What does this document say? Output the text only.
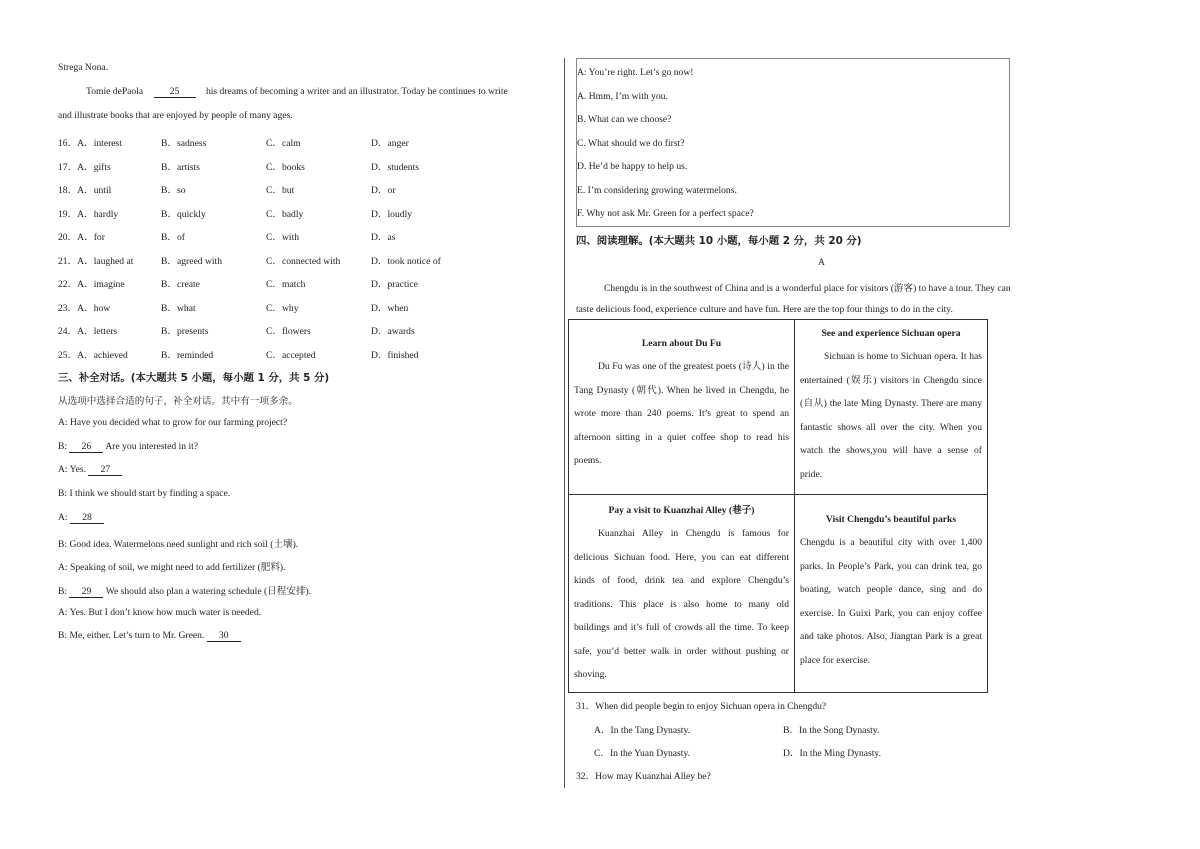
Strega Nona.
Tomie dePaola	25	his dreams of becoming a writer and an illustrator. Today he continues to write
and illustrate books that are enjoyed by people of many ages.
16．A．interest	B．sadness	C．calm	D．anger
17．A．gifts	B．artists	C．books	D．students
18．A．until	B．so	C．but	D．or
19．A．hardly	B．quickly	C．badly	D．loudly
20．A．for	B．of	C．with	D．as
21．A．laughed at	B．agreed with	C．connected with	D．took notice of
22．A．imagine	B．create	C．match	D．practice
23．A．how	B．what	C．why	D．when
24．A．letters	B．presents	C．flowers	D．awards
25．A．achieved	B．reminded	C．accepted	D．finished
三、补全对话。(本大题共 5 小题，每小题 1 分，共 5 分)
从选项中选择合适的句子，补全对话。其中有一项多余。
A: Have you decided what to grow for our farming project?
B: 26 Are you interested in it?
A: Yes. 27
B: I think we should start by finding a space.
A: 28
B: Good idea. Watermelons need sunlight and rich soil (土壤).
A: Speaking of soil, we might need to add fertilizer (肥料).
B: 29 We should also plan a watering schedule (日程安排).
A: Yes. But I don’t know how much water is needed.
B: Me, either. Let’s turn to Mr. Green. 30
A: You’re right. Let’s go now!
A. Hmm, I’m with you.
B. What can we choose?
C. What should we do first?
D. He’d be happy to help us.
E. I’m considering growing watermelons.
F. Why not ask Mr. Green for a perfect space?
四、阅读理解。(本大题共 10 小题，每小题 2 分，共 20 分)
A
Chengdu is in the southwest of China and is a wonderful place for visitors (游客) to have a tour. They can
taste delicious food, experience culture and have fun. Here are the top four things to do in the city.
Learn about Du Fu
Du Fu was one of the greatest poets (诗人) in the Tang Dynasty (朝代). When he lived in Chengdu, he wrote more than 240 poems. It’s great to spend an afternoon sitting in a quiet coffee shop to read his poems.
See and experience Sichuan opera
Sichuan is home to Sichuan opera. It has entertained (娱乐) visitors in Chengdu since (自从) the late Ming Dynasty. There are many fantastic shows all over the city. When you watch the shows,you will have a sense of pride.
Pay a visit to Kuanzhai Alley (巷子)
Kuanzhai Alley in Chengdu is famous for delicious Sichuan food. Here, you can eat different kinds of food, drink tea and explore Chengdu’s traditions. This place is also home to many old buildings and it’s full of crowds all the time. To keep safe, you’d better walk in order without pushing or shoving.
Visit Chengdu’s beautiful parks
Chengdu is a beautiful city with over 1,400 parks. In People’s Park, you can drink tea, go boating, watch people dance, sing and do exercise. In Guixi Park, you can enjoy coffee and take photos. Also, Jiangtan Park is a great place for exercise.
31．When did people begin to enjoy Sichuan opera in Chengdu?
A．In the Tang Dynasty.	B．In the Song Dynasty.
C．In the Yuan Dynasty.	D．In the Ming Dynasty.
32．How may Kuanzhai Alley be?
